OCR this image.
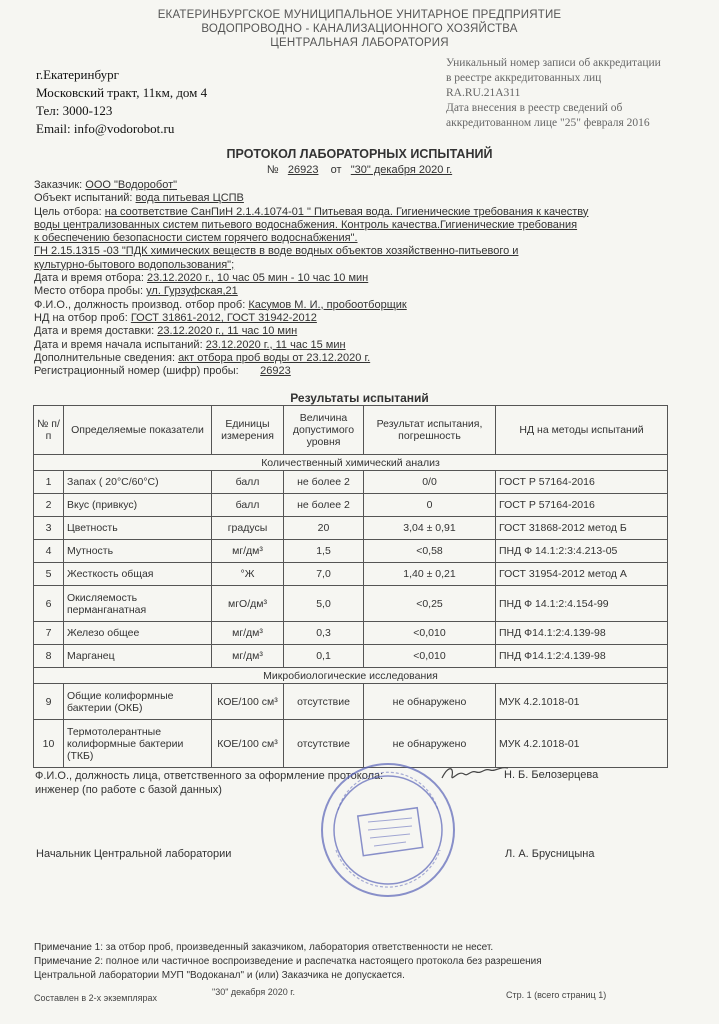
ЕКАТЕРИНБУРГСКОЕ МУНИЦИПАЛЬНОЕ УНИТАРНОЕ ПРЕДПРИЯТИЕ
ВОДОПРОВОДНО - КАНАЛИЗАЦИОННОГО ХОЗЯЙСТВА
ЦЕНТРАЛЬНАЯ ЛАБОРАТОРИЯ
г.Екатеринбург
Московский тракт, 11км, дом 4
Тел: 3000-123
Email: info@vodorobot.ru
Уникальный номер записи об аккредитации
в реестре аккредитованных лиц
RA.RU.21A311
Дата внесения в реестр сведений об
аккредитованном лице "25" февраля 2016
ПРОТОКОЛ ЛАБОРАТОРНЫХ ИСПЫТАНИЙ
№ 26923 от "30" декабря 2020 г.
Заказчик: ООО "Водоробот"
Объект испытаний: вода питьевая ЦСПВ
Цель отбора: на соответствие СанПиН 2.1.4.1074-01 " Питьевая вода. Гигиенические требования к качеству
воды централизованных систем питьевого водоснабжения. Контроль качества.Гигиенические требования
к обеспечению безопасности систем горячего водоснабжения".
ГН 2.15.1315 -03 "ПДК химических веществ в воде водных объектов хозяйственно-питьевого и
культурно-бытового водопользования";
Дата и время отбора: 23.12.2020 г., 10 час 05 мин - 10 час 10 мин
Место отбора пробы: ул. Гурзуфская,21
Ф.И.О., должность производ. отбор проб: Касумов М. И., пробоотборщик
НД на отбор проб: ГОСТ 31861-2012, ГОСТ 31942-2012
Дата и время доставки: 23.12.2020 г., 11 час 10 мин
Дата и время начала испытаний: 23.12.2020 г., 11 час 15 мин
Дополнительные сведения: акт отбора проб воды от 23.12.2020 г.
Регистрационный номер (шифр) пробы: 26923
Результаты испытаний
№ п/п	Определяемые показатели	Единицы измерения	Величина допустимого уровня	Результат испытания, погрешность	НД на методы испытаний
Количественный химический анализ					
1	Запах ( 20°С/60°С)	балл	не более 2	0/0	ГОСТ Р 57164-2016
2	Вкус (привкус)	балл	не более 2	0	ГОСТ Р 57164-2016
3	Цветность	градусы	20	3,04 ± 0,91	ГОСТ 31868-2012 метод Б
4	Мутность	мг/дм³	1,5	<0,58	ПНД Ф 14.1:2:3:4.213-05
5	Жесткость общая	°Ж	7,0	1,40 ± 0,21	ГОСТ 31954-2012 метод А
6	Окисляемость перманганатная	мгО/дм³	5,0	<0,25	ПНД Ф 14.1:2:4.154-99
7	Железо общее	мг/дм³	0,3	<0,010	ПНД Ф14.1:2:4.139-98
8	Марганец	мг/дм³	0,1	<0,010	ПНД Ф14.1:2:4.139-98
Микробиологические исследования					
9	Общие колиформные бактерии (ОКБ)	КОЕ/100 см³	отсутствие	не обнаружено	МУК 4.2.1018-01
10	Термотолерантные колиформные бактерии (ТКБ)	КОЕ/100 см³	отсутствие	не обнаружено	МУК 4.2.1018-01
Ф.И.О., должность лица, ответственного за оформление протокола:
инженер (по работе с базой данных)
Н. Б. Белозерцева
Начальник Центральной лаборатории	Л. А. Брусницына
Примечание 1: за отбор проб, произведенный заказчиком, лаборатория ответственности не несет.
Примечание 2: полное или частичное воспроизведение и распечатка настоящего протокола без разрешения
Центральной лаборатории МУП "Водоканал" и (или) Заказчика не допускается.
Составлен в 2-х экземплярах
"30" декабря 2020 г.	Стр. 1 (всего страниц 1)
